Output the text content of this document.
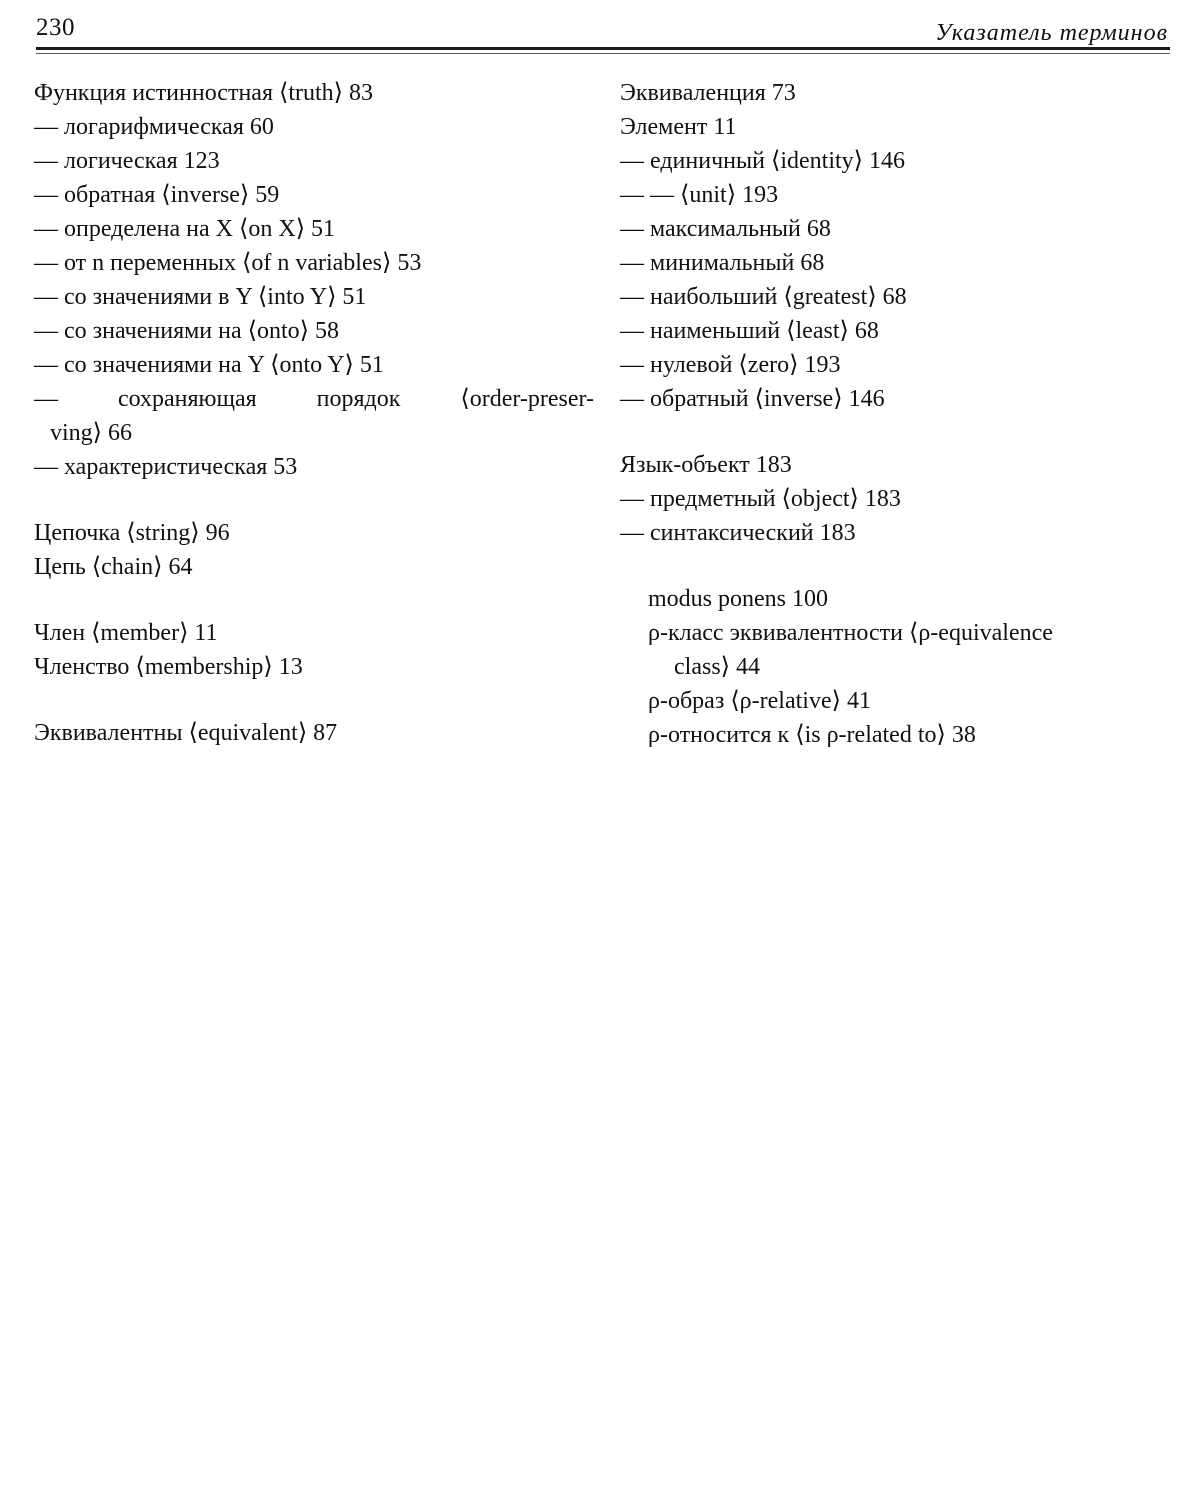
230	Указатель терминов
Функция истинностная ⟨truth⟩ 83
— логарифмическая 60
— логическая 123
— обратная ⟨inverse⟩ 59
— определена на X ⟨on X⟩ 51
— от n переменных ⟨of n variables⟩ 53
— со значениями в Y ⟨into Y⟩ 51
— со значениями на ⟨onto⟩ 58
— со значениями на Y ⟨onto Y⟩ 51
— сохраняющая порядок ⟨order-preser-
ving⟩ 66
— характеристическая 53
Цепочка ⟨string⟩ 96
Цепь ⟨chain⟩ 64
Член ⟨member⟩ 11
Членство ⟨membership⟩ 13
Эквивалентны ⟨equivalent⟩ 87
Эквиваленция 73
Элемент 11
— единичный ⟨identity⟩ 146
— — ⟨unit⟩ 193
— максимальный 68
— минимальный 68
— наибольший ⟨greatest⟩ 68
— наименьший ⟨least⟩ 68
— нулевой ⟨zero⟩ 193
— обратный ⟨inverse⟩ 146
Язык-объект 183
— предметный ⟨object⟩ 183
— синтаксический 183
modus ponens 100
ρ-класс эквивалентности ⟨ρ-equivalence
class⟩ 44
ρ-образ ⟨ρ-relative⟩ 41
ρ-относится к ⟨is ρ-related to⟩ 38
